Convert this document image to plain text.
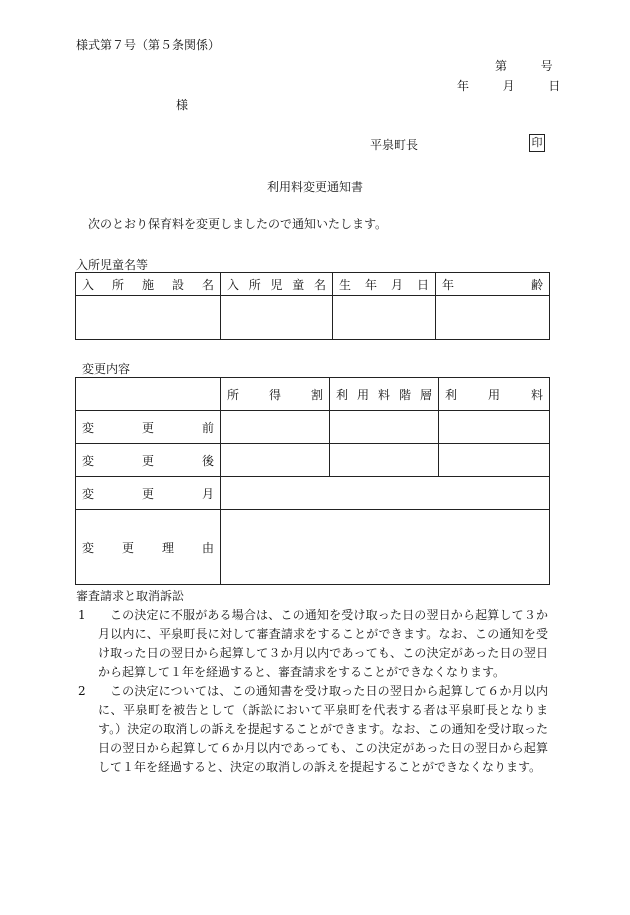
様式第７号（第５条関係）
第	号
年	月	日
様
平泉町長	印
利用料変更通知書
次のとおり保育料を変更しましたので通知いたします。
入所児童名等
入 所 施 設 名	入 所 児 童 名	生 年 月 日	年 齢

変更内容

	所 得 割	利 用 料 階 層	利 用 料

変 更 前			

変 更 後			

変 更 月			

変 更 理 由			

審査請求と取消訴訟
1	この決定に不服がある場合は、この通知を受け取った日の翌日から起算して３か月以内に、平泉町長に対して審査請求をすることができます。なお、この通知を受け取った日の翌日から起算して３か月以内であっても、この決定があった日の翌日から起算して１年を経過すると、審査請求をすることができなくなります。
2	この決定については、この通知書を受け取った日の翌日から起算して６か月以内に、平泉町を被告として（訴訟において平泉町を代表する者は平泉町長となります。）決定の取消しの訴えを提起することができます。なお、この通知を受け取った日の翌日から起算して６か月以内であっても、この決定があった日の翌日から起算して１年を経過すると、決定の取消しの訴えを提起することができなくなります。
